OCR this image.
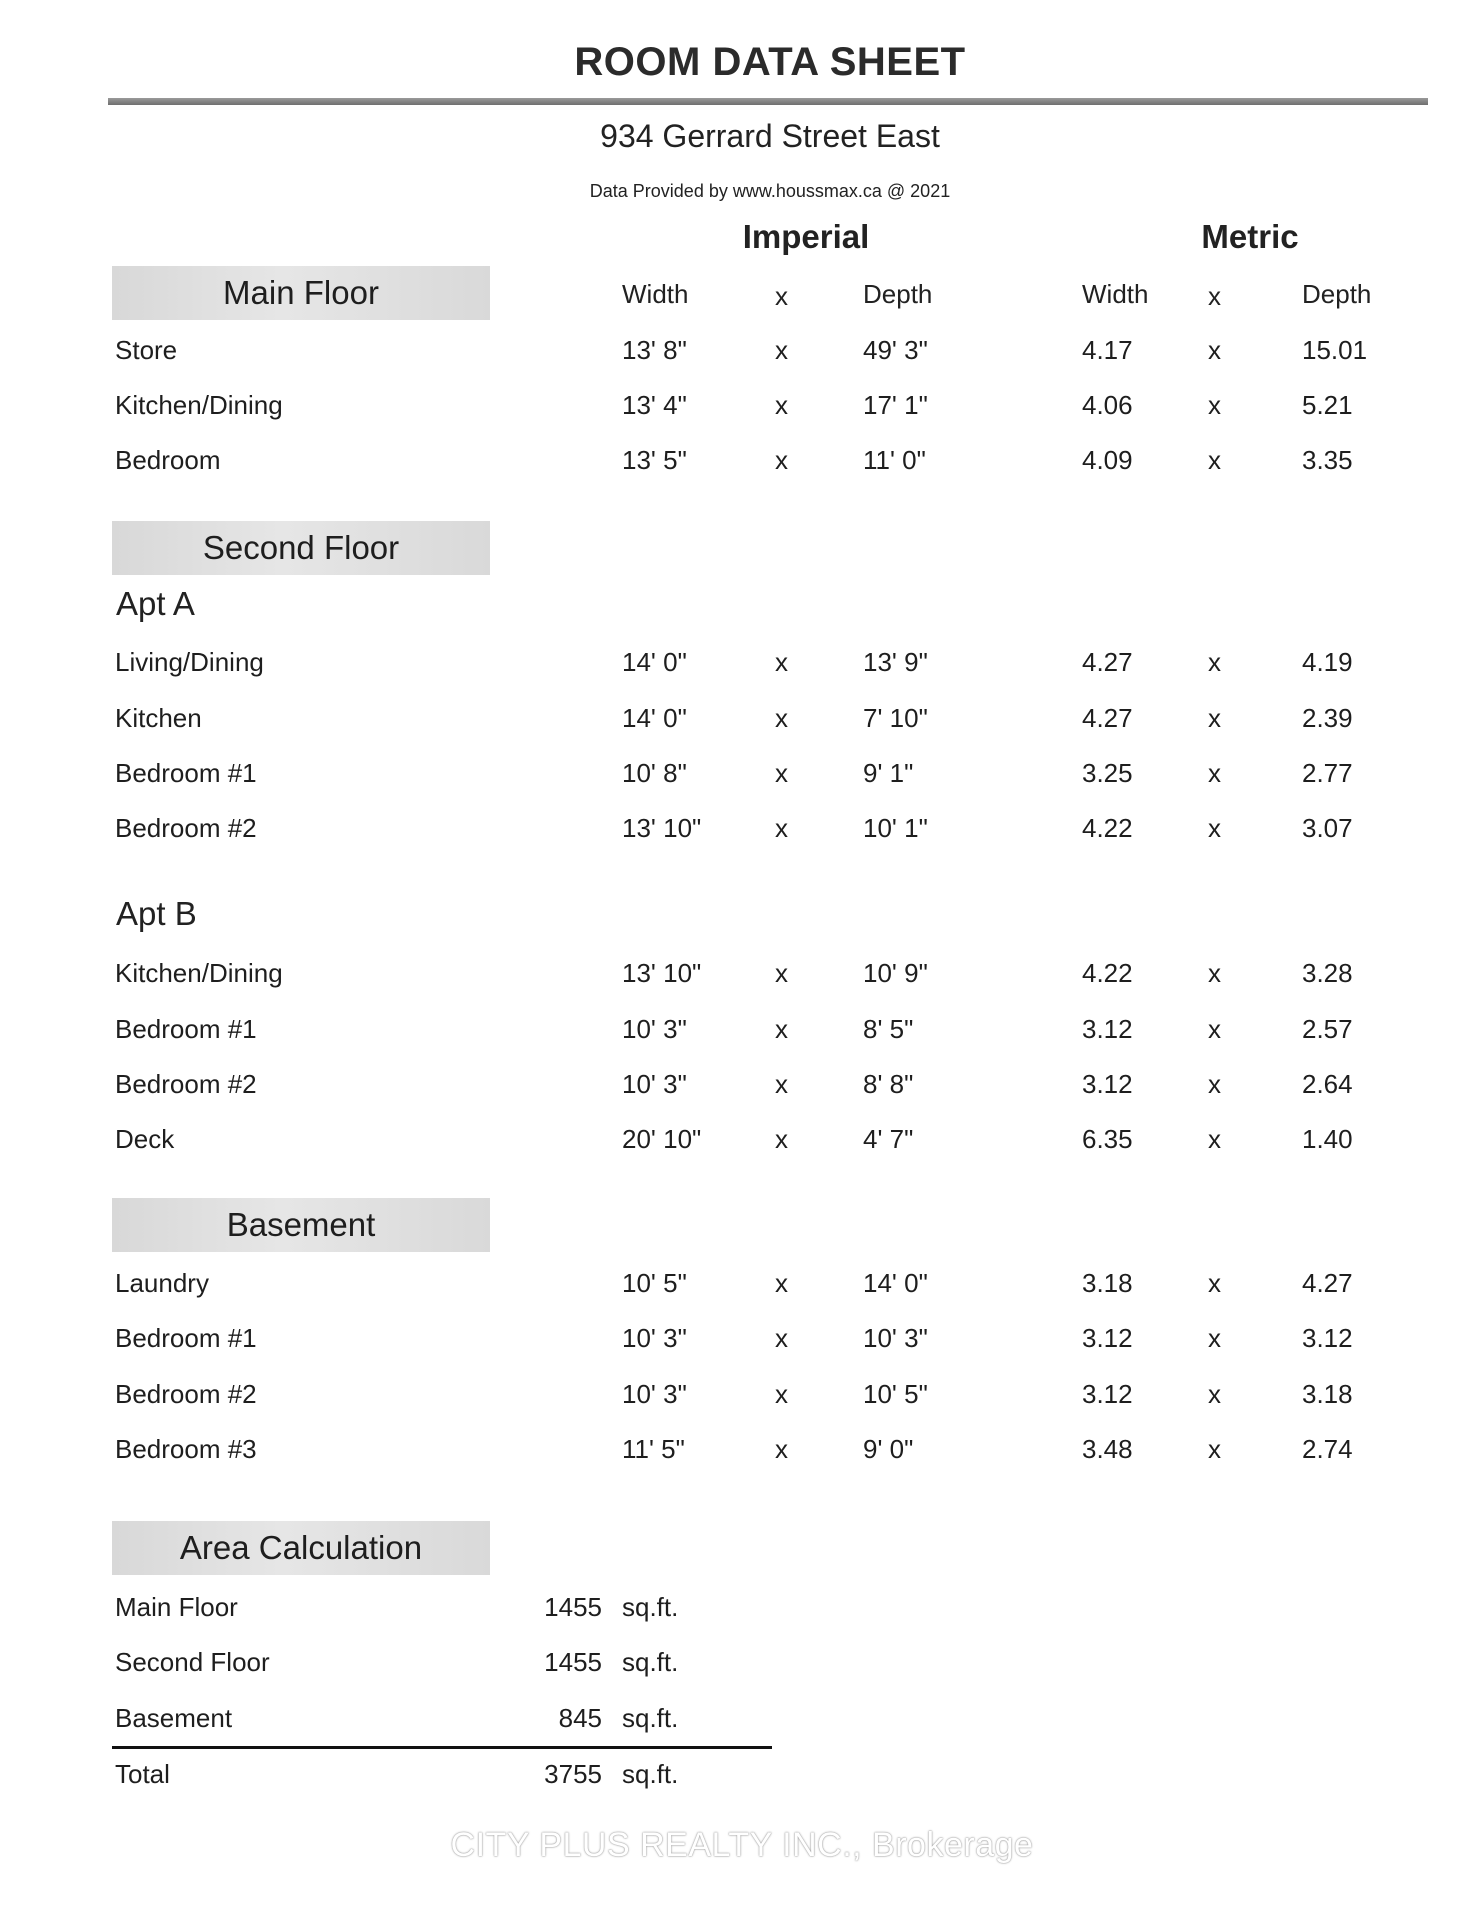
ROOM DATA SHEET
934 Gerrard Street East
Data Provided by www.houssmax.ca @ 2021
Imperial	Metric
Main Floor	Width	x	Depth	Width x	Depth
Store	13' 8"	x	49' 3"	4.17	x	15.01
Kitchen/Dining	13' 4"	x	17' 1"	4.06	x	5.21
Bedroom	13' 5"	x	11' 0"	4.09	x	3.35
Second Floor
Apt A
Living/Dining	14' 0"	x	13' 9"	4.27	x	4.19
Kitchen	14' 0"	x	7' 10"	4.27	x	2.39
Bedroom #1	10' 8"	x	9' 1"	3.25	x	2.77
Bedroom #2	13' 10"	x	10' 1"	4.22	x	3.07
Apt B
Kitchen/Dining	13' 10"	x	10' 9"	4.22	x	3.28
Bedroom #1	10' 3"	x	8' 5"	3.12	x	2.57
Bedroom #2	10' 3"	x	8' 8"	3.12	x	2.64
Deck	20' 10"	x	4' 7"	6.35	x	1.40
Basement
Laundry	10' 5"	x	14' 0"	3.18	x	4.27
Bedroom #1	10' 3"	x	10' 3"	3.12	x	3.12
Bedroom #2	10' 3"	x	10' 5"	3.12	x	3.18
Bedroom #3	11' 5"	x	9' 0"	3.48	x	2.74
Area Calculation
Main Floor	1455 sq.ft.
Second Floor	1455 sq.ft.
Basement	845 sq.ft.
Total	3755 sq.ft.
CITY PLUS REALTY INC., Brokerage
